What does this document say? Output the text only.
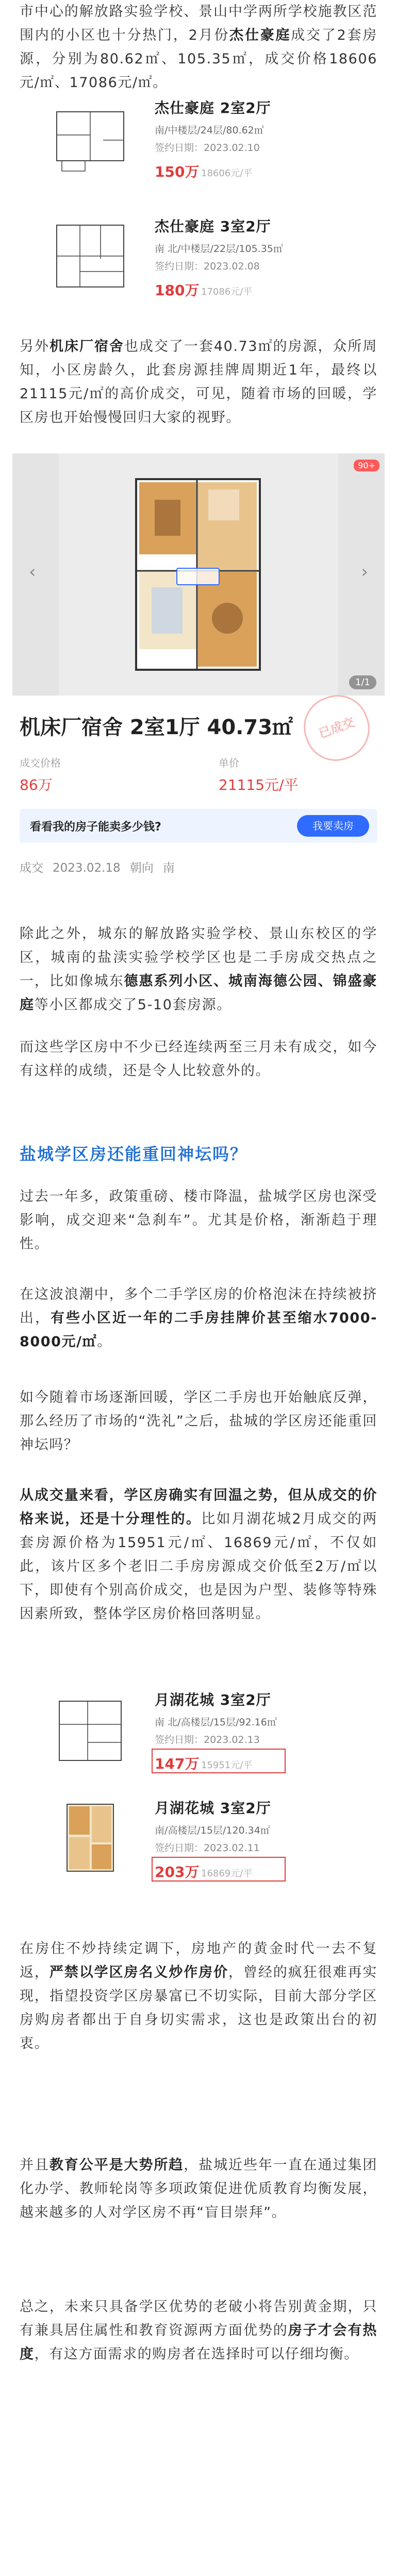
市中心的解放路实验学校、景山中学两所学校施教区范围内的小区也十分热门，2月份杰仕豪庭成交了2套房源，分别为80.62㎡、105.35㎡，成交价格18606元/㎡、17086元/㎡。
杰仕豪庭 2室2厅
南/中楼层/24层/80.62㎡
签约日期：2023.02.10
150万 18606元/平
杰仕豪庭 3室2厅
南 北/中楼层/22层/105.35㎡
签约日期：2023.02.08
180万 17086元/平
另外机床厂宿舍也成交了一套40.73㎡的房源，众所周知，小区房龄久，此套房源挂牌周期近1年，最终以21115元/㎡的高价成交，可见，随着市场的回暖，学区房也开始慢慢回归大家的视野。
‹	›
90+
1/1
机床厂宿舍 2室1厅 40.73㎡
成交价格	单价
86万	21115元/平
已成交
看看我的房子能卖多少钱?	我要卖房
成交 2023.02.18 朝向 南
除此之外，城东的解放路实验学校、景山东校区的学区，城南的盐渎实验学校学区也是二手房成交热点之一，比如像城东德惠系列小区、城南海德公园、锦盛豪庭等小区都成交了5-10套房源。
而这些学区房中不少已经连续两至三月未有成交，如今有这样的成绩，还是令人比较意外的。
盐城学区房还能重回神坛吗？
过去一年多，政策重磅、楼市降温，盐城学区房也深受影响，成交迎来“急刹车”。尤其是价格，渐渐趋于理性。
在这波浪潮中，多个二手学区房的价格泡沫在持续被挤出，有些小区近一年的二手房挂牌价甚至缩水7000-8000元/㎡。
如今随着市场逐渐回暖，学区二手房也开始触底反弹，那么经历了市场的“洗礼”之后，盐城的学区房还能重回神坛吗？
从成交量来看，学区房确实有回温之势，但从成交的价格来说，还是十分理性的。比如月湖花城2月成交的两套房源价格为15951元/㎡、16869元/㎡，不仅如此，该片区多个老旧二手房房源成交价低至2万/㎡以下，即使有个别高价成交，也是因为户型、装修等特殊因素所致，整体学区房价格回落明显。
月湖花城 3室2厅
南 北/高楼层/15层/92.16㎡
签约日期：2023.02.13
147万 15951元/平
月湖花城 3室2厅
南/高楼层/15层/120.34㎡
签约日期：2023.02.11
203万 16869元/平
在房住不炒持续定调下，房地产的黄金时代一去不复返，严禁以学区房名义炒作房价，曾经的疯狂很难再实现，指望投资学区房暴富已不切实际，目前大部分学区房购房者都出于自身切实需求，这也是政策出台的初衷。
并且教育公平是大势所趋，盐城近些年一直在通过集团化办学、教师轮岗等多项政策促进优质教育均衡发展，越来越多的人对学区房不再“盲目崇拜”。
总之，未来只具备学区优势的老破小将告别黄金期，只有兼具居住属性和教育资源两方面优势的房子才会有热度，有这方面需求的购房者在选择时可以仔细均衡。
